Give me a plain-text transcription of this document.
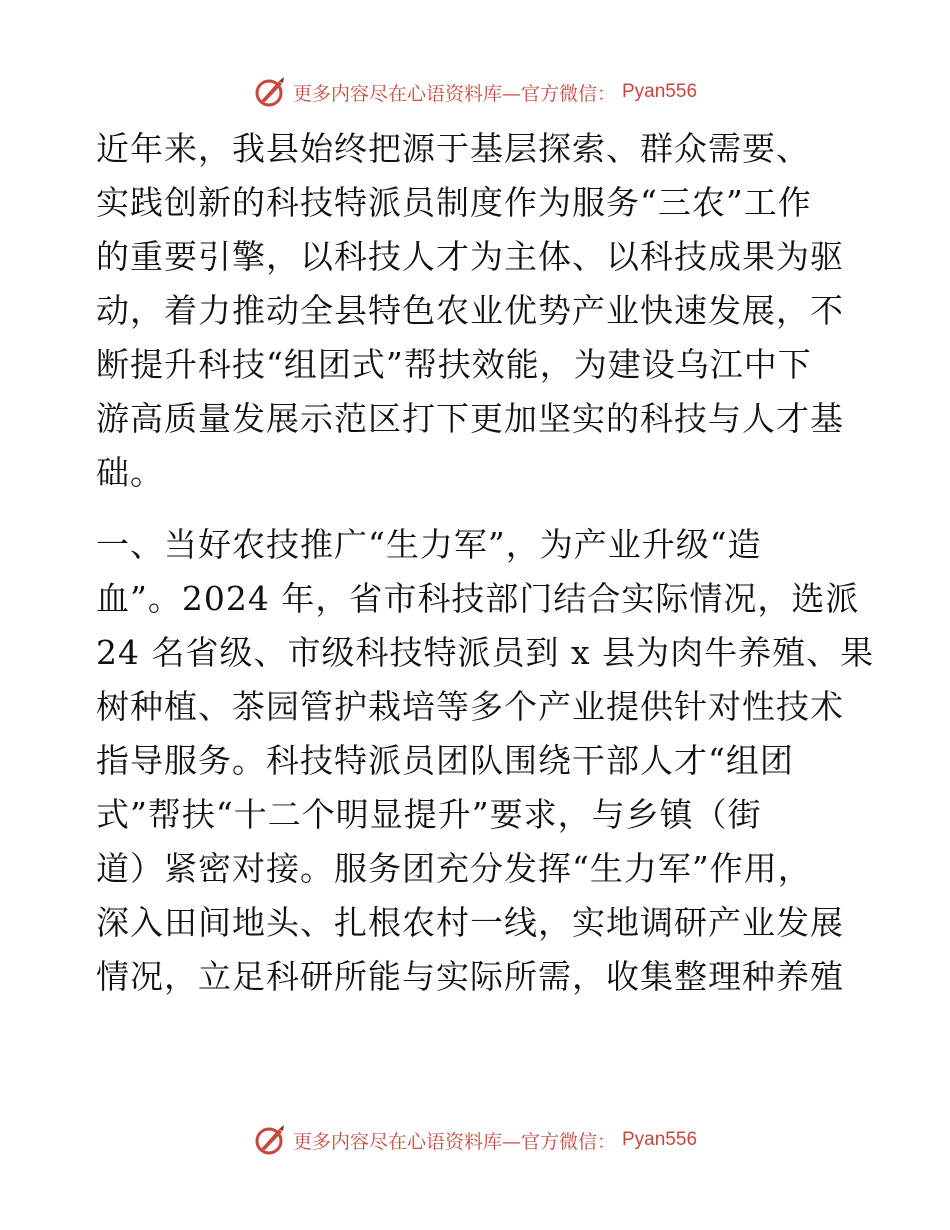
更多内容尽在心语资料库—官方微信： Pyan556

近年来，我县始终把源于基层探索、群众需要、
实践创新的科技特派员制度作为服务“三农”工作
的重要引擎，以科技人才为主体、以科技成果为驱
动，着力推动全县特色农业优势产业快速发展，不
断提升科技“组团式”帮扶效能，为建设乌江中下
游高质量发展示范区打下更加坚实的科技与人才基
础。

一、当好农技推广“生力军”，为产业升级“造
血”。2024 年，省市科技部门结合实际情况，选派
24 名省级、市级科技特派员到 x 县为肉牛养殖、果
树种植、茶园管护栽培等多个产业提供针对性技术
指导服务。科技特派员团队围绕干部人才“组团
式”帮扶“十二个明显提升”要求，与乡镇（街
道）紧密对接。服务团充分发挥“生力军”作用，
深入田间地头、扎根农村一线，实地调研产业发展
情况，立足科研所能与实际所需，收集整理种养殖

更多内容尽在心语资料库—官方微信： Pyan556
